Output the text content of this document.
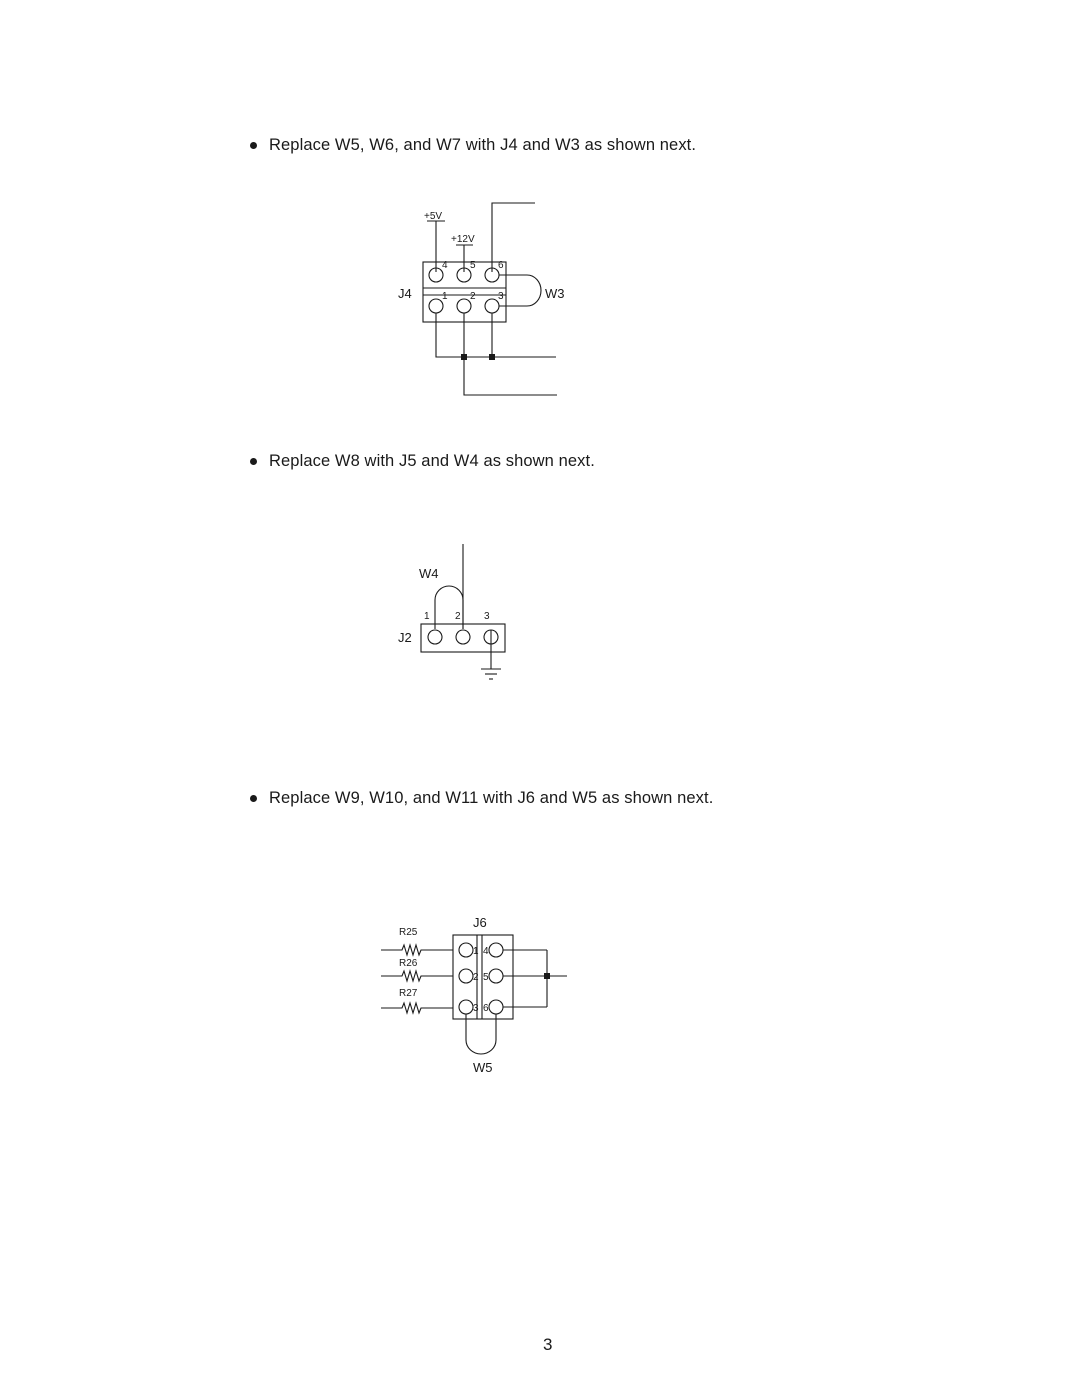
Replace W5, W6, and W7 with J4 and W3 as shown next.
Replace W8 with J5 and W4 as shown next.
Replace W9, W10, and W11 with J6 and W5 as shown next.
+5V
+12V
4 5 6
1 2 3
J4	W3
W4
1	2 3
J2
J6
R25
R26
R27
1
2
3
4
5
6
W5
3
